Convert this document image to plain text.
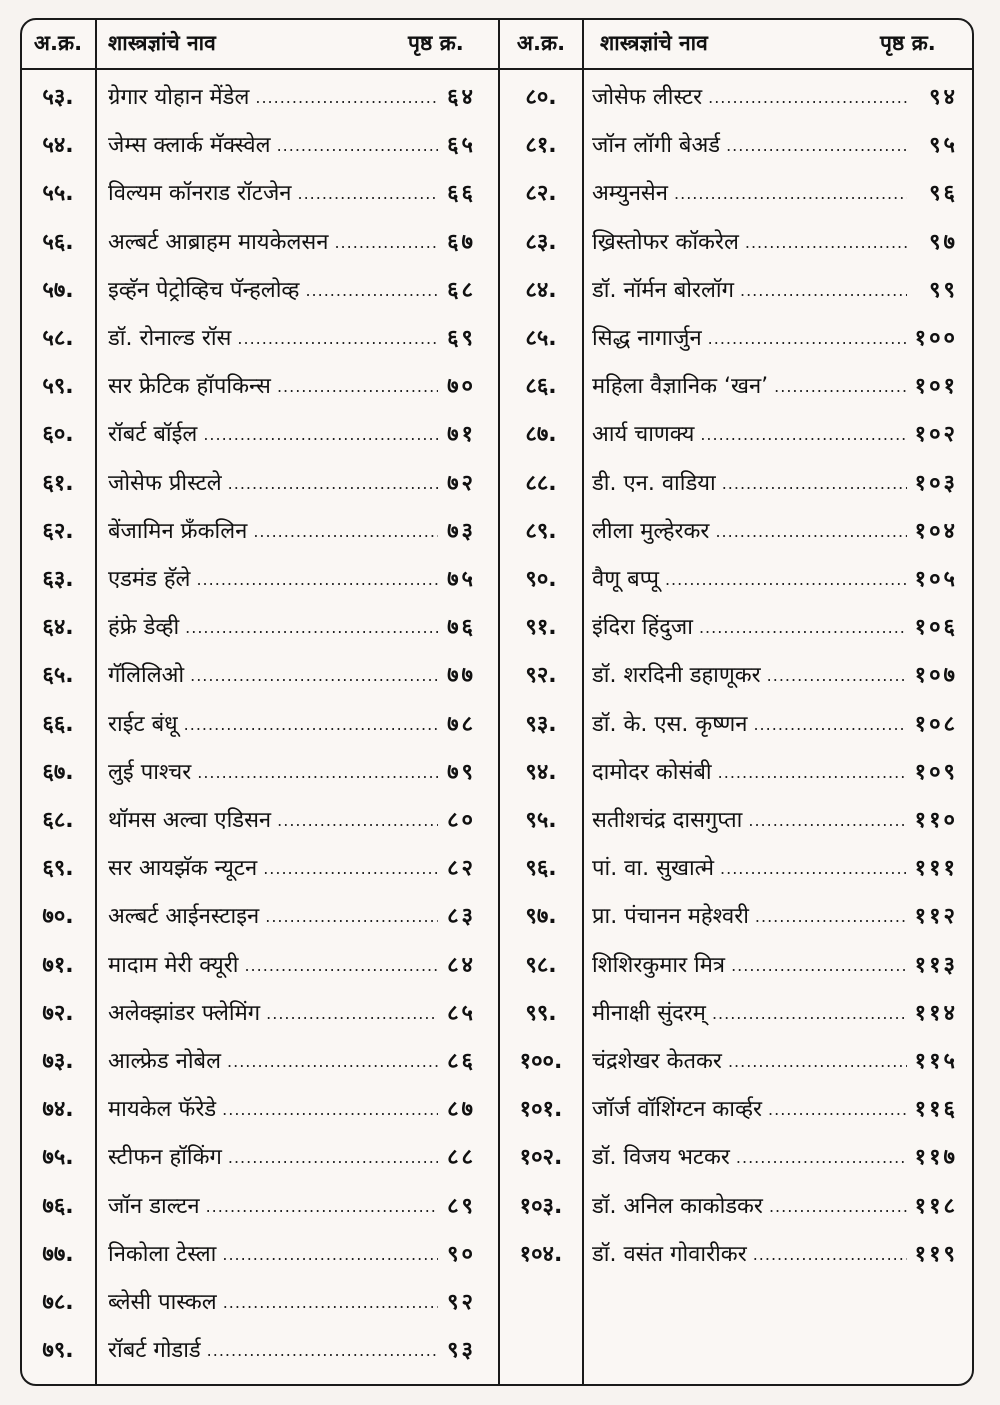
अ.क्र.	शास्त्रज्ञांचे नाव	पृष्ठ क्र.	अ.क्र.	शास्त्रज्ञांचे नाव	पृष्ठ क्र.
५३.	ग्रेगार योहान मेंडेल .....	६४
५४.	जेम्स क्लार्क मॅक्स्वेल .....	६५
५५.	विल्यम कॉनराड रॉटजेन .....	६६
५६.	अल्बर्ट आब्राहम मायकेलसन .....	६७
५७.	इव्हॅन पेट्रोव्हिच पॅन्हलोव्ह .....	६८
५८.	डॉ. रोनाल्ड रॉस .....	६९
५९.	सर फ्रेटिक हॉपकिन्स .....	७०
६०.	रॉबर्ट बॉईल .....	७१
६१.	जोसेफ प्रीस्टले .....	७२
६२.	बेंजामिन फ्रँकलिन .....	७३
६३.	एडमंड हॅले .....	७५
६४.	हंफ्रे डेव्ही .....	७६
६५.	गॅलिलिओ .....	७७
६६.	राईट बंधू .....	७८
६७.	लुई पाश्चर .....	७९
६८.	थॉमस अल्वा एडिसन .....	८०
६९.	सर आयझॅक न्यूटन .....	८२
७०.	अल्बर्ट आईनस्टाइन .....	८३
७१.	मादाम मेरी क्यूरी .....	८४
७२.	अलेक्झांडर फ्लेमिंग .....	८५
७३.	आल्फ्रेड नोबेल .....	८६
७४.	मायकेल फॅरेडे .....	८७
७५.	स्टीफन हॉकिंग .....	८८
७६.	जॉन डाल्टन .....	८९
७७.	निकोला टेस्ला .....	९०
७८.	ब्लेसी पास्कल .....	९२
७९.	रॉबर्ट गोडार्ड .....	९३
८०.	जोसेफ लीस्टर .....	९४
८१.	जॉन लॉगी बेअर्ड .....	९५
८२.	अम्युनसेन .....	९६
८३.	ख्रिस्तोफर कॉकरेल .....	९७
८४.	डॉ. नॉर्मन बोरलॉग .....	९९
८५.	सिद्ध नागार्जुन .....	१००
८६.	महिला वैज्ञानिक ‘खन’ .....	१०१
८७.	आर्य चाणक्य .....	१०२
८८.	डी. एन. वाडिया .....	१०३
८९.	लीला मुल्हेरकर .....	१०४
९०.	वैणू बप्पू .....	१०५
९१.	इंदिरा हिंदुजा .....	१०६
९२.	डॉ. शरदिनी डहाणूकर .....	१०७
९३.	डॉ. के. एस. कृष्णन .....	१०८
९४.	दामोदर कोसंबी .....	१०९
९५.	सतीशचंद्र दासगुप्ता .....	११०
९६.	पां. वा. सुखात्मे .....	१११
९७.	प्रा. पंचानन महेश्वरी .....	११२
९८.	शिशिरकुमार मित्र .....	११३
९९.	मीनाक्षी सुंदरम् .....	११४
१००.	चंद्रशेखर केतकर .....	११५
१०१.	जॉर्ज वॉशिंग्टन कार्व्हर .....	११६
१०२.	डॉ. विजय भटकर .....	११७
१०३.	डॉ. अनिल काकोडकर .....	११८
१०४.	डॉ. वसंत गोवारीकर .....	११९
